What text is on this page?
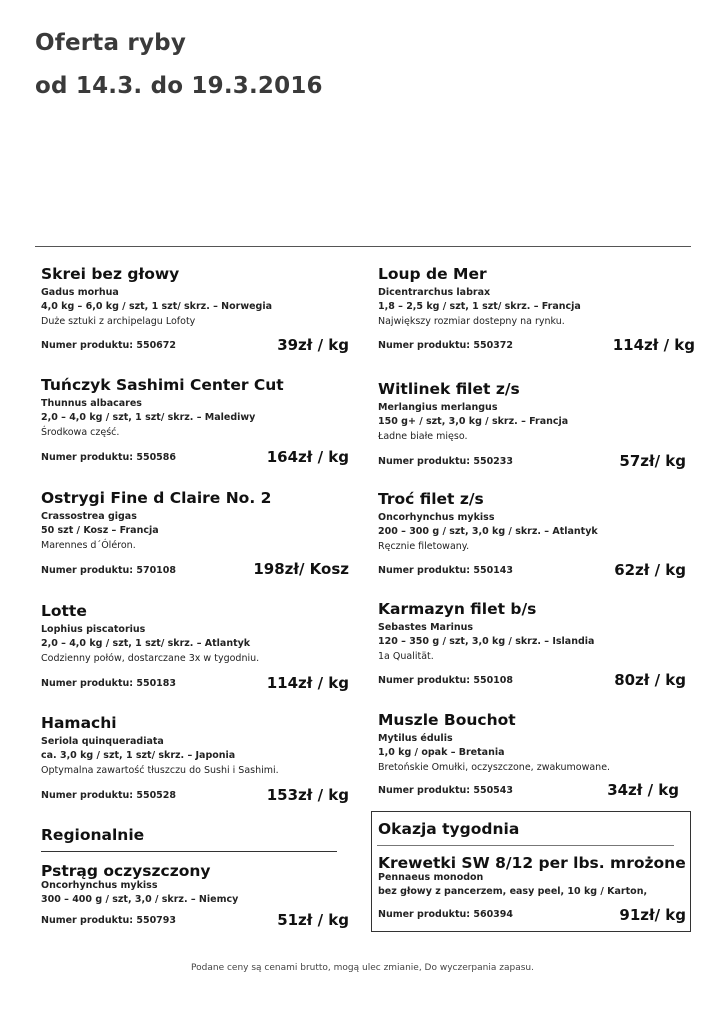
Oferta ryby
od 14.3. do 19.3.2016
Skrei bez głowy
Gadus morhua
4,0 kg – 6,0 kg / szt, 1 szt/ skrz. – Norwegia
Duże sztuki z archipelagu Lofoty
Numer produktu: 550672	39zł / kg
Loup de Mer
Dicentrarchus labrax
1,8 – 2,5 kg / szt, 1 szt/ skrz. – Francja
Największy rozmiar dostepny na rynku.
Numer produktu: 550372	114zł / kg
Tuńczyk Sashimi Center Cut
Thunnus albacares
2,0 – 4,0 kg / szt, 1 szt/ skrz. – Malediwy
Środkowa część.
Numer produktu: 550586	164zł / kg
Witlinek filet z/s
Merlangius merlangus
150 g+ / szt, 3,0 kg / skrz. – Francja
Ładne białe mięso.
Numer produktu: 550233	57zł/ kg
Ostrygi Fine d Claire No. 2
Crassostrea gigas
50 szt / Kosz – Francja
Marennes d´Óléron.
Numer produktu: 570108	198zł/ Kosz
Troć filet z/s
Oncorhynchus mykiss
200 – 300 g / szt, 3,0 kg / skrz. – Atlantyk
Ręcznie filetowany.
Numer produktu: 550143	62zł / kg
Lotte
Lophius piscatorius
2,0 – 4,0 kg / szt, 1 szt/ skrz. – Atlantyk
Codzienny połów, dostarczane 3x w tygodniu.
Numer produktu: 550183	114zł / kg
Karmazyn filet b/s
Sebastes Marinus
120 – 350 g / szt, 3,0 kg / skrz. – Islandia
1a Qualität.
Numer produktu: 550108	80zł / kg
Hamachi
Seriola quinqueradiata
ca. 3,0 kg / szt, 1 szt/ skrz. – Japonia
Optymalna zawartość tłuszczu do Sushi i Sashimi.
Numer produktu: 550528	153zł / kg
Muszle Bouchot
Mytilus édulis
1,0 kg / opak – Bretania
Bretońskie Omułki, oczyszczone, zwakumowane.
Numer produktu: 550543	34zł / kg
Regionalnie
Pstrąg oczyszczony
Oncorhynchus mykiss
300 – 400 g / szt, 3,0 / skrz. – Niemcy
Numer produktu: 550793	51zł / kg
Okazja tygodnia
Krewetki SW 8/12 per lbs. mrożone
Pennaeus monodon
bez głowy z pancerzem, easy peel, 10 kg / Karton,
Numer produktu: 560394	91zł/ kg
Podane ceny są cenami brutto, mogą ulec zmianie, Do wyczerpania zapasu.
